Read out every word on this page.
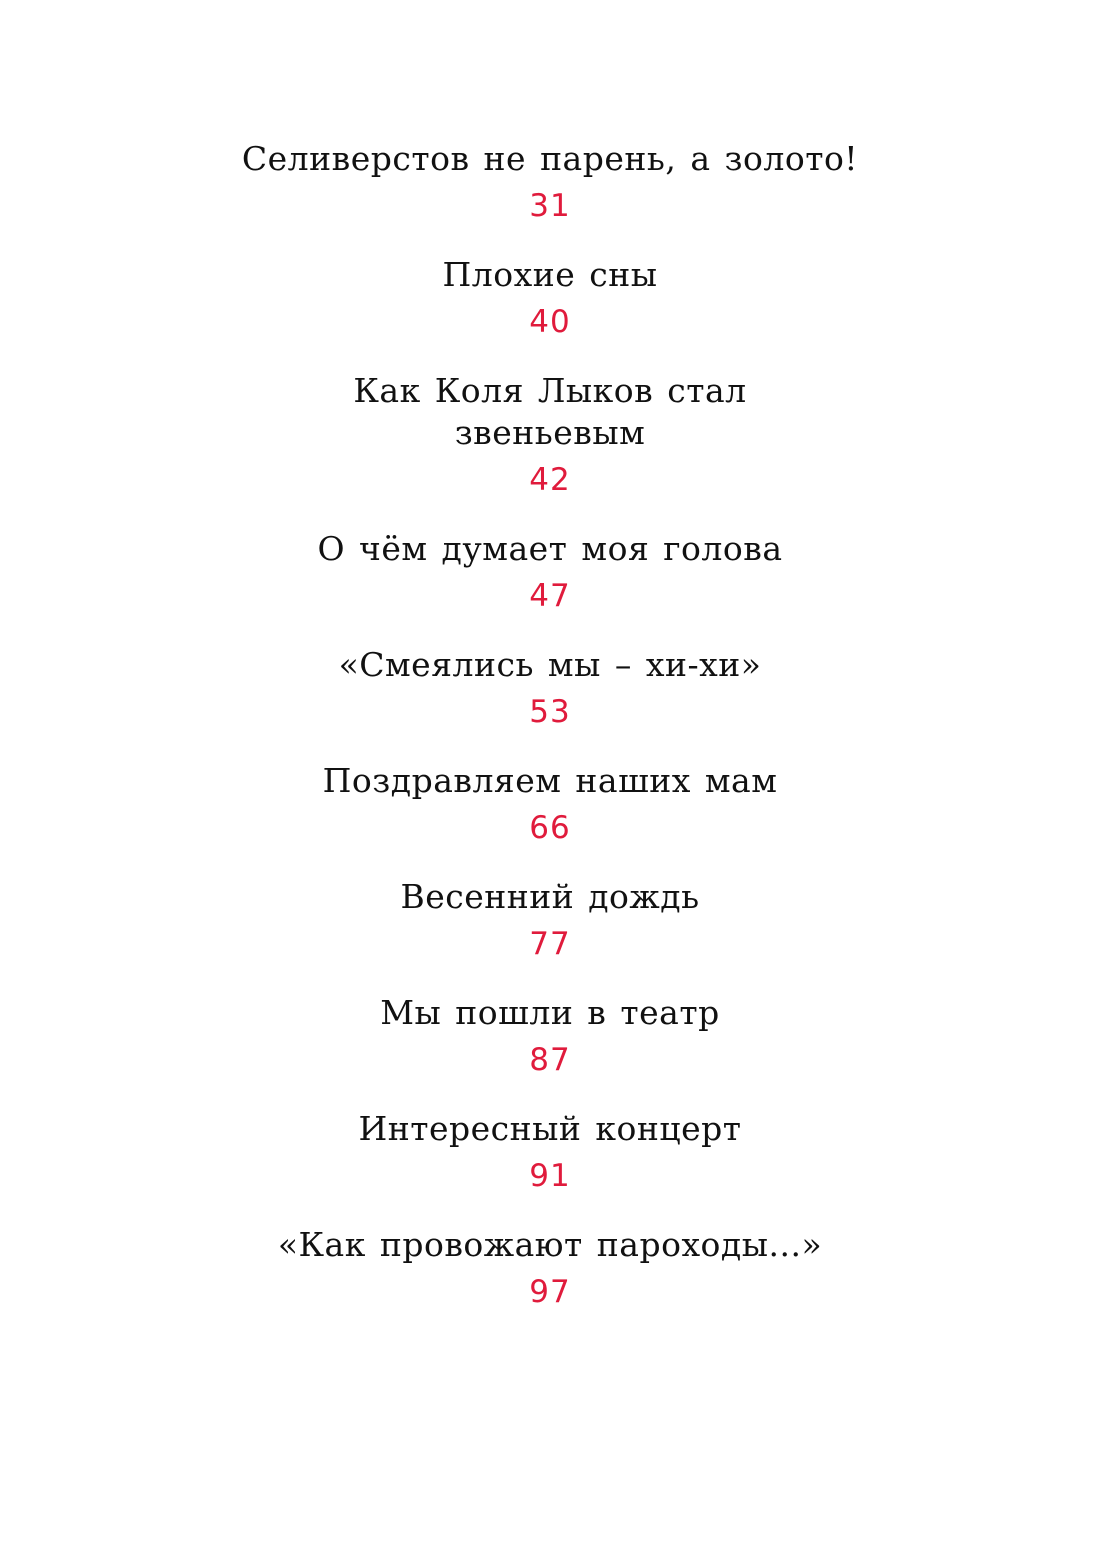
Селиверстов не парень, а золото!
31
Плохие сны
40
Как Коля Лыков стал
звеньевым
42
О чём думает моя голова
47
«Смеялись мы – хи-хи»
53
Поздравляем наших мам
66
Весенний дождь
77
Мы пошли в театр
87
Интересный концерт
91
«Как провожают пароходы...»
97
